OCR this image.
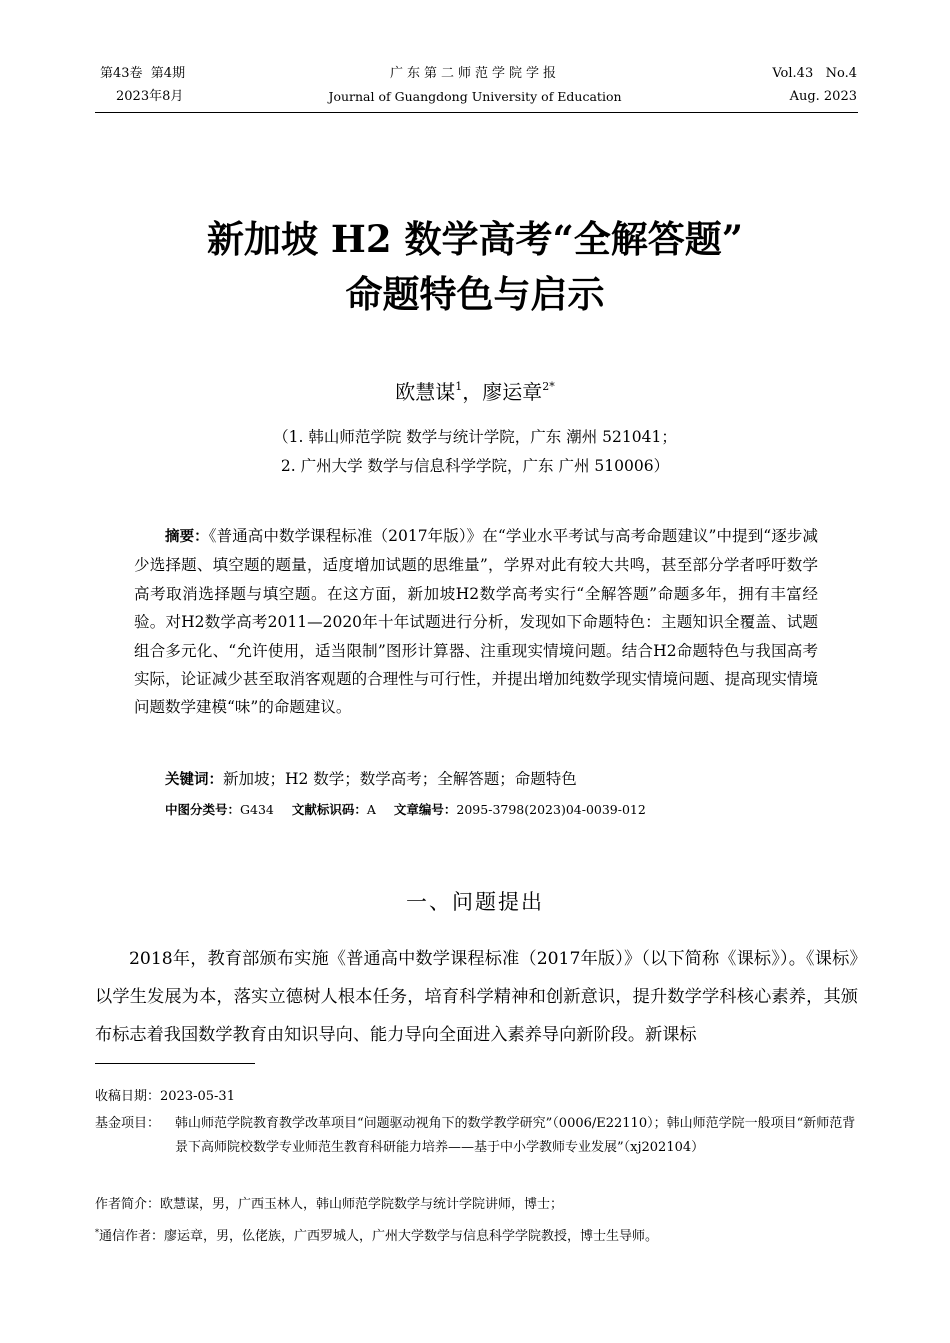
第43卷  第4期
2023年8月
广东第二师范学院学报
Journal of Guangdong University of Education
Vol.43   No.4
Aug. 2023
新加坡 H2 数学高考“全解答题”
命题特色与启示
欧慧谋$^1$，廖运章$^{2*}$
（1. 韩山师范学院 数学与统计学院，广东 潮州 521041；
2. 广州大学 数学与信息科学学院，广东 广州 510006）
摘要：《普通高中数学课程标准（2017年版）》在“学业水平考试与高考命题建议”中提到“逐步减少选择题、填空题的题量，适度增加试题的思维量”，学界对此有较大共鸣，甚至部分学者呼吁数学高考取消选择题与填空题。在这方面，新加坡H2数学高考实行“全解答题”命题多年，拥有丰富经验。对H2数学高考2011—2020年十年试题进行分析，发现如下命题特色：主题知识全覆盖、试题组合多元化、“允许使用，适当限制”图形计算器、注重现实情境问题。结合H2命题特色与我国高考实际，论证减少甚至取消客观题的合理性与可行性，并提出增加纯数学现实情境问题、提高现实情境问题数学建模“味”的命题建议。
关键词：新加坡；H2 数学；数学高考；全解答题；命题特色
中图分类号：G434 文献标识码：A 文章编号：2095-3798(2023)04-0039-012
一、问题提出
2018年，教育部颁布实施《普通高中数学课程标准（2017年版）》（以下简称《课标》）。《课标》以学生发展为本，落实立德树人根本任务，培育科学精神和创新意识，提升数学学科核心素养，其颁布标志着我国数学教育由知识导向、能力导向全面进入素养导向新阶段。新课标
收稿日期：2023-05-31
基金项目： 韩山师范学院教育教学改革项目“问题驱动视角下的数学教学研究”（0006/E22110）；韩山师范学院一般项目“新师范背景下高师院校数学专业师范生教育科研能力培养——基于中小学教师专业发展”（xj202104）
作者简介：欧慧谋，男，广西玉林人，韩山师范学院数学与统计学院讲师，博士；
*通信作者：廖运章，男，仫佬族，广西罗城人，广州大学数学与信息科学学院教授，博士生导师。
